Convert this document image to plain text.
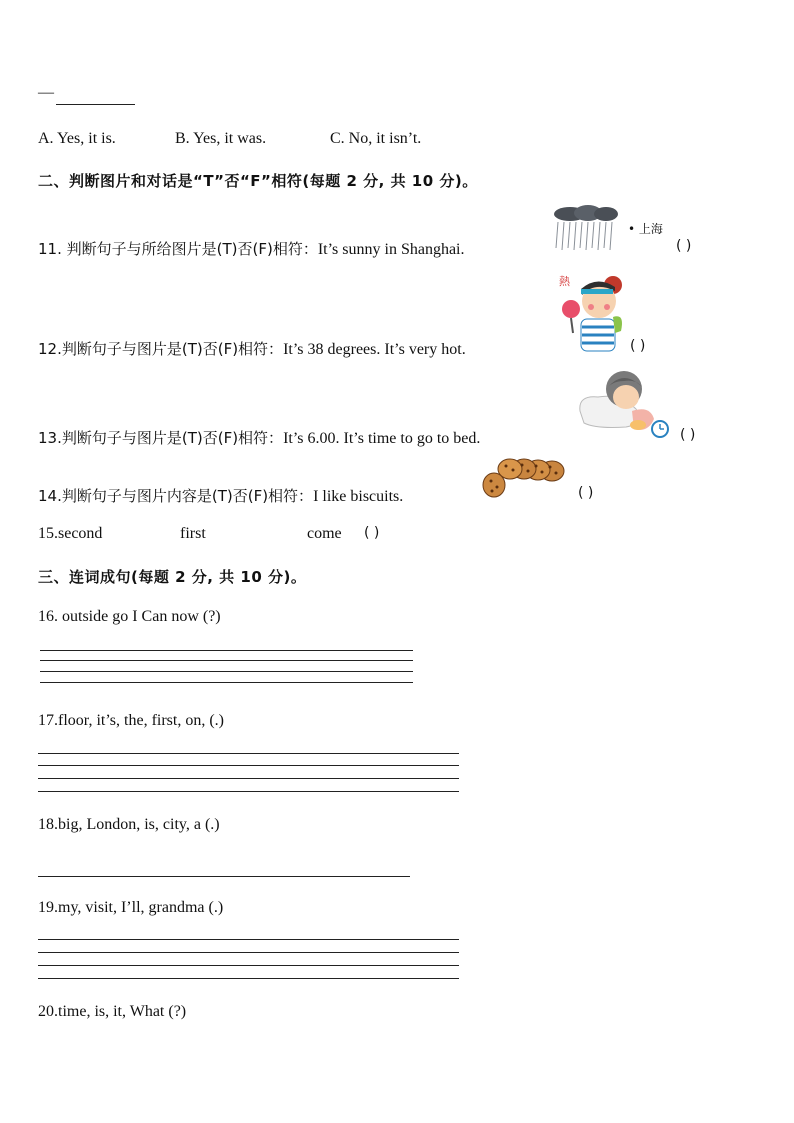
—
A. Yes, it is.	B. Yes, it was.	C. No, it isn’t.
二、判断图片和对话是“T”否“F”相符(每题 2 分, 共 10 分)。
11. 判断句子与所给图片是(T)否(F)相符：It’s sunny in Shanghai.
• 上海
( )
12.判断句子与图片是(T)否(F)相符：It’s 38 degrees. It’s very hot.
熱
( )
13.判断句子与图片是(T)否(F)相符：It’s 6.00. It’s time to go to bed.	( )
14.判断句子与图片内容是(T)否(F)相符：I like biscuits.	( )
15.second	first	come ( )
三、连词成句(每题 2 分, 共 10 分)。
16. outside go I Can now (?)
17.floor, it’s, the, first, on, (.)
18.big, London, is, city, a (.)
19.my, visit, I’ll, grandma (.)
20.time, is, it, What (?)
